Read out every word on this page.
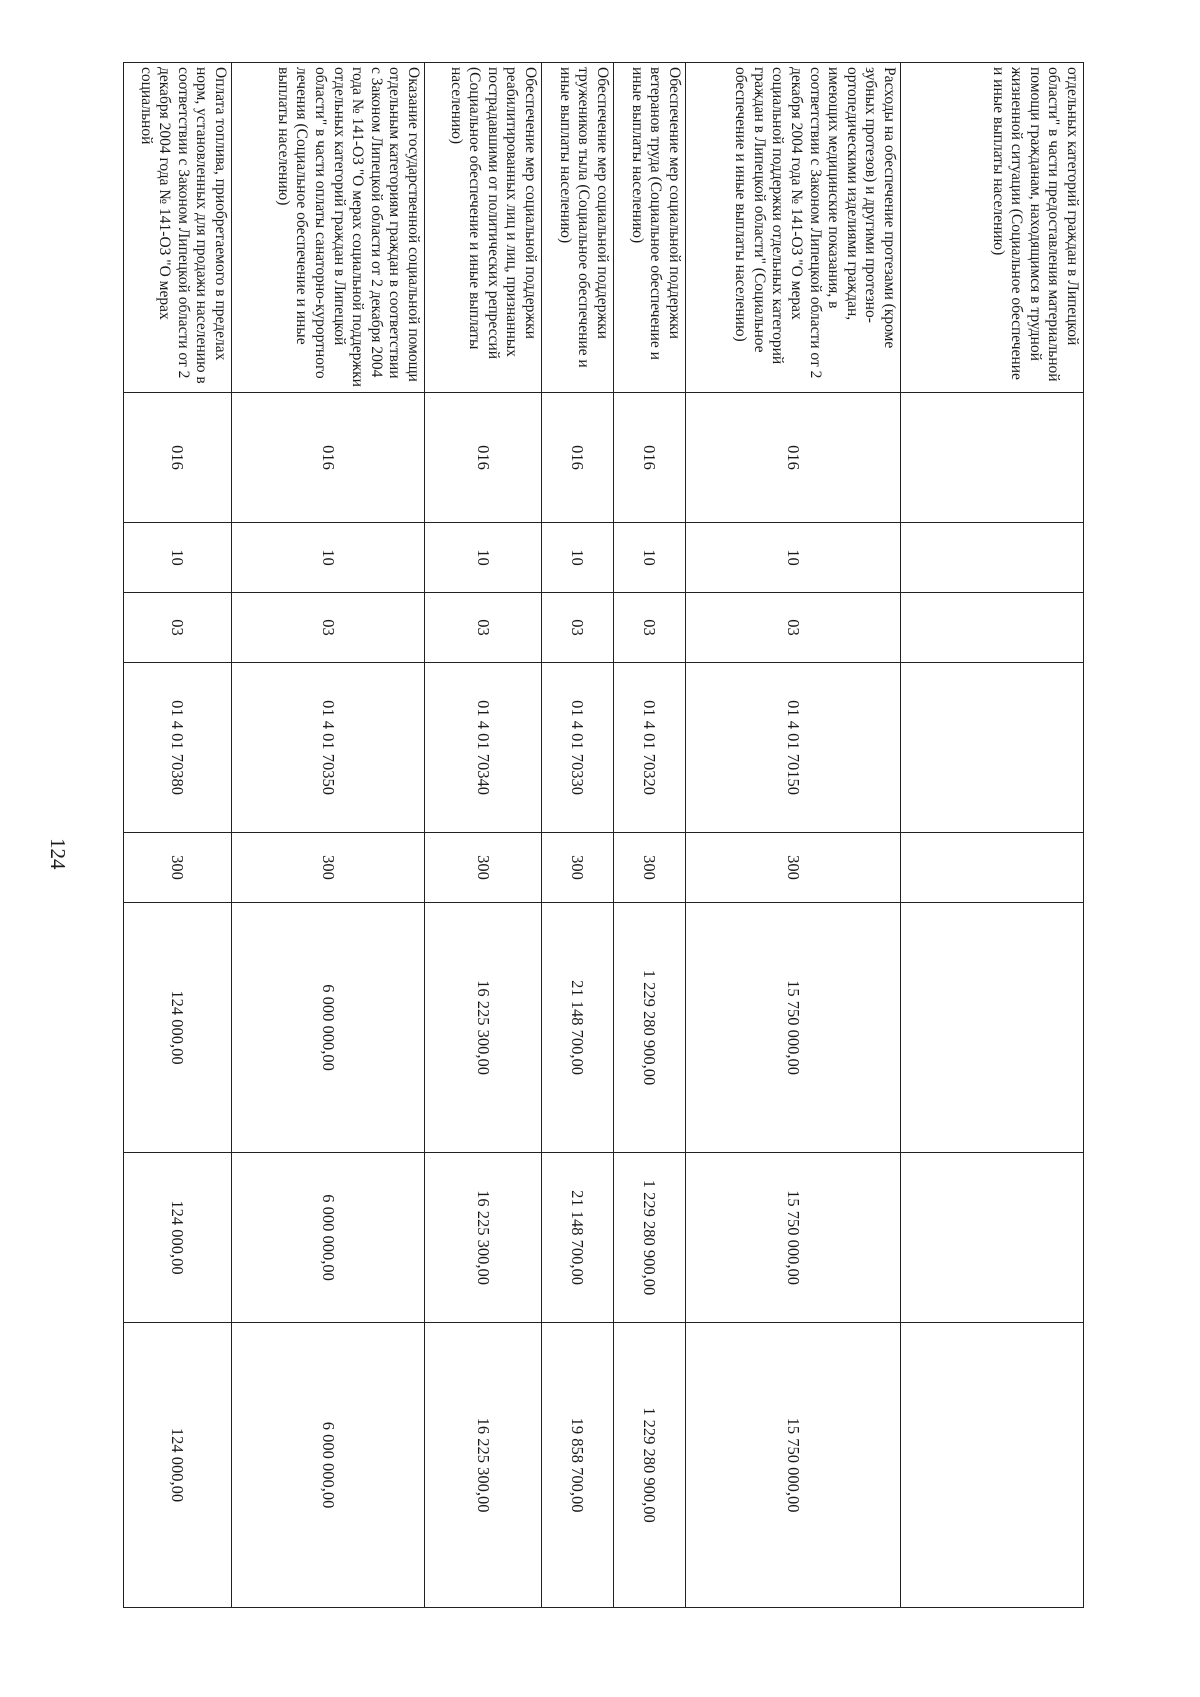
124
отдельных категорий граждан в Липецкой области" в части предоставления материальной помощи гражданам, находящимся в трудной жизненной ситуации (Социальное обеспечение и иные выплаты населению)								
Расходы на обеспечение протезами (кроме зубных протезов) и другими протезно-ортопедическими изделиями граждан, имеющих медицинские показания, в соответствии с Законом Липецкой области от 2 декабря 2004 года № 141-ОЗ "О мерах социальной поддержки отдельных категорий граждан в Липецкой области" (Социальное обеспечение и иные выплаты населению)	016	10	03	01 4 01 70150	300	15 750 000,00	15 750 000,00	15 750 000,00
Обеспечение мер социальной поддержки ветеранов труда (Социальное обеспечение и иные выплаты населению)	016	10	03	01 4 01 70320	300	1 229 280 900,00	1 229 280 900,00	1 229 280 900,00
Обеспечение мер социальной поддержки тружеников тыла (Социальное обеспечение и иные выплаты населению)	016	10	03	01 4 01 70330	300	21 148 700,00	21 148 700,00	19 858 700,00
Обеспечение мер социальной поддержки реабилитированных лиц и лиц, признанных пострадавшими от политических репрессий (Социальное обеспечение и иные выплаты населению)	016	10	03	01 4 01 70340	300	16 225 300,00	16 225 300,00	16 225 300,00
Оказание государственной социальной помощи отдельным категориям граждан в соответствии с Законом Липецкой области от 2 декабря 2004 года № 141-ОЗ "О мерах социальной поддержки отдельных категорий граждан в Липецкой области" в части оплаты санаторно-курортного лечения (Социальное обеспечение и иные выплаты населению)	016	10	03	01 4 01 70350	300	6 000 000,00	6 000 000,00	6 000 000,00
Оплата топлива, приобретаемого в пределах норм, установленных для продажи населению в соответствии с Законом Липецкой области от 2 декабря 2004 года № 141-ОЗ "О мерах социальной	016	10	03	01 4 01 70380	300	124 000,00	124 000,00	124 000,00
